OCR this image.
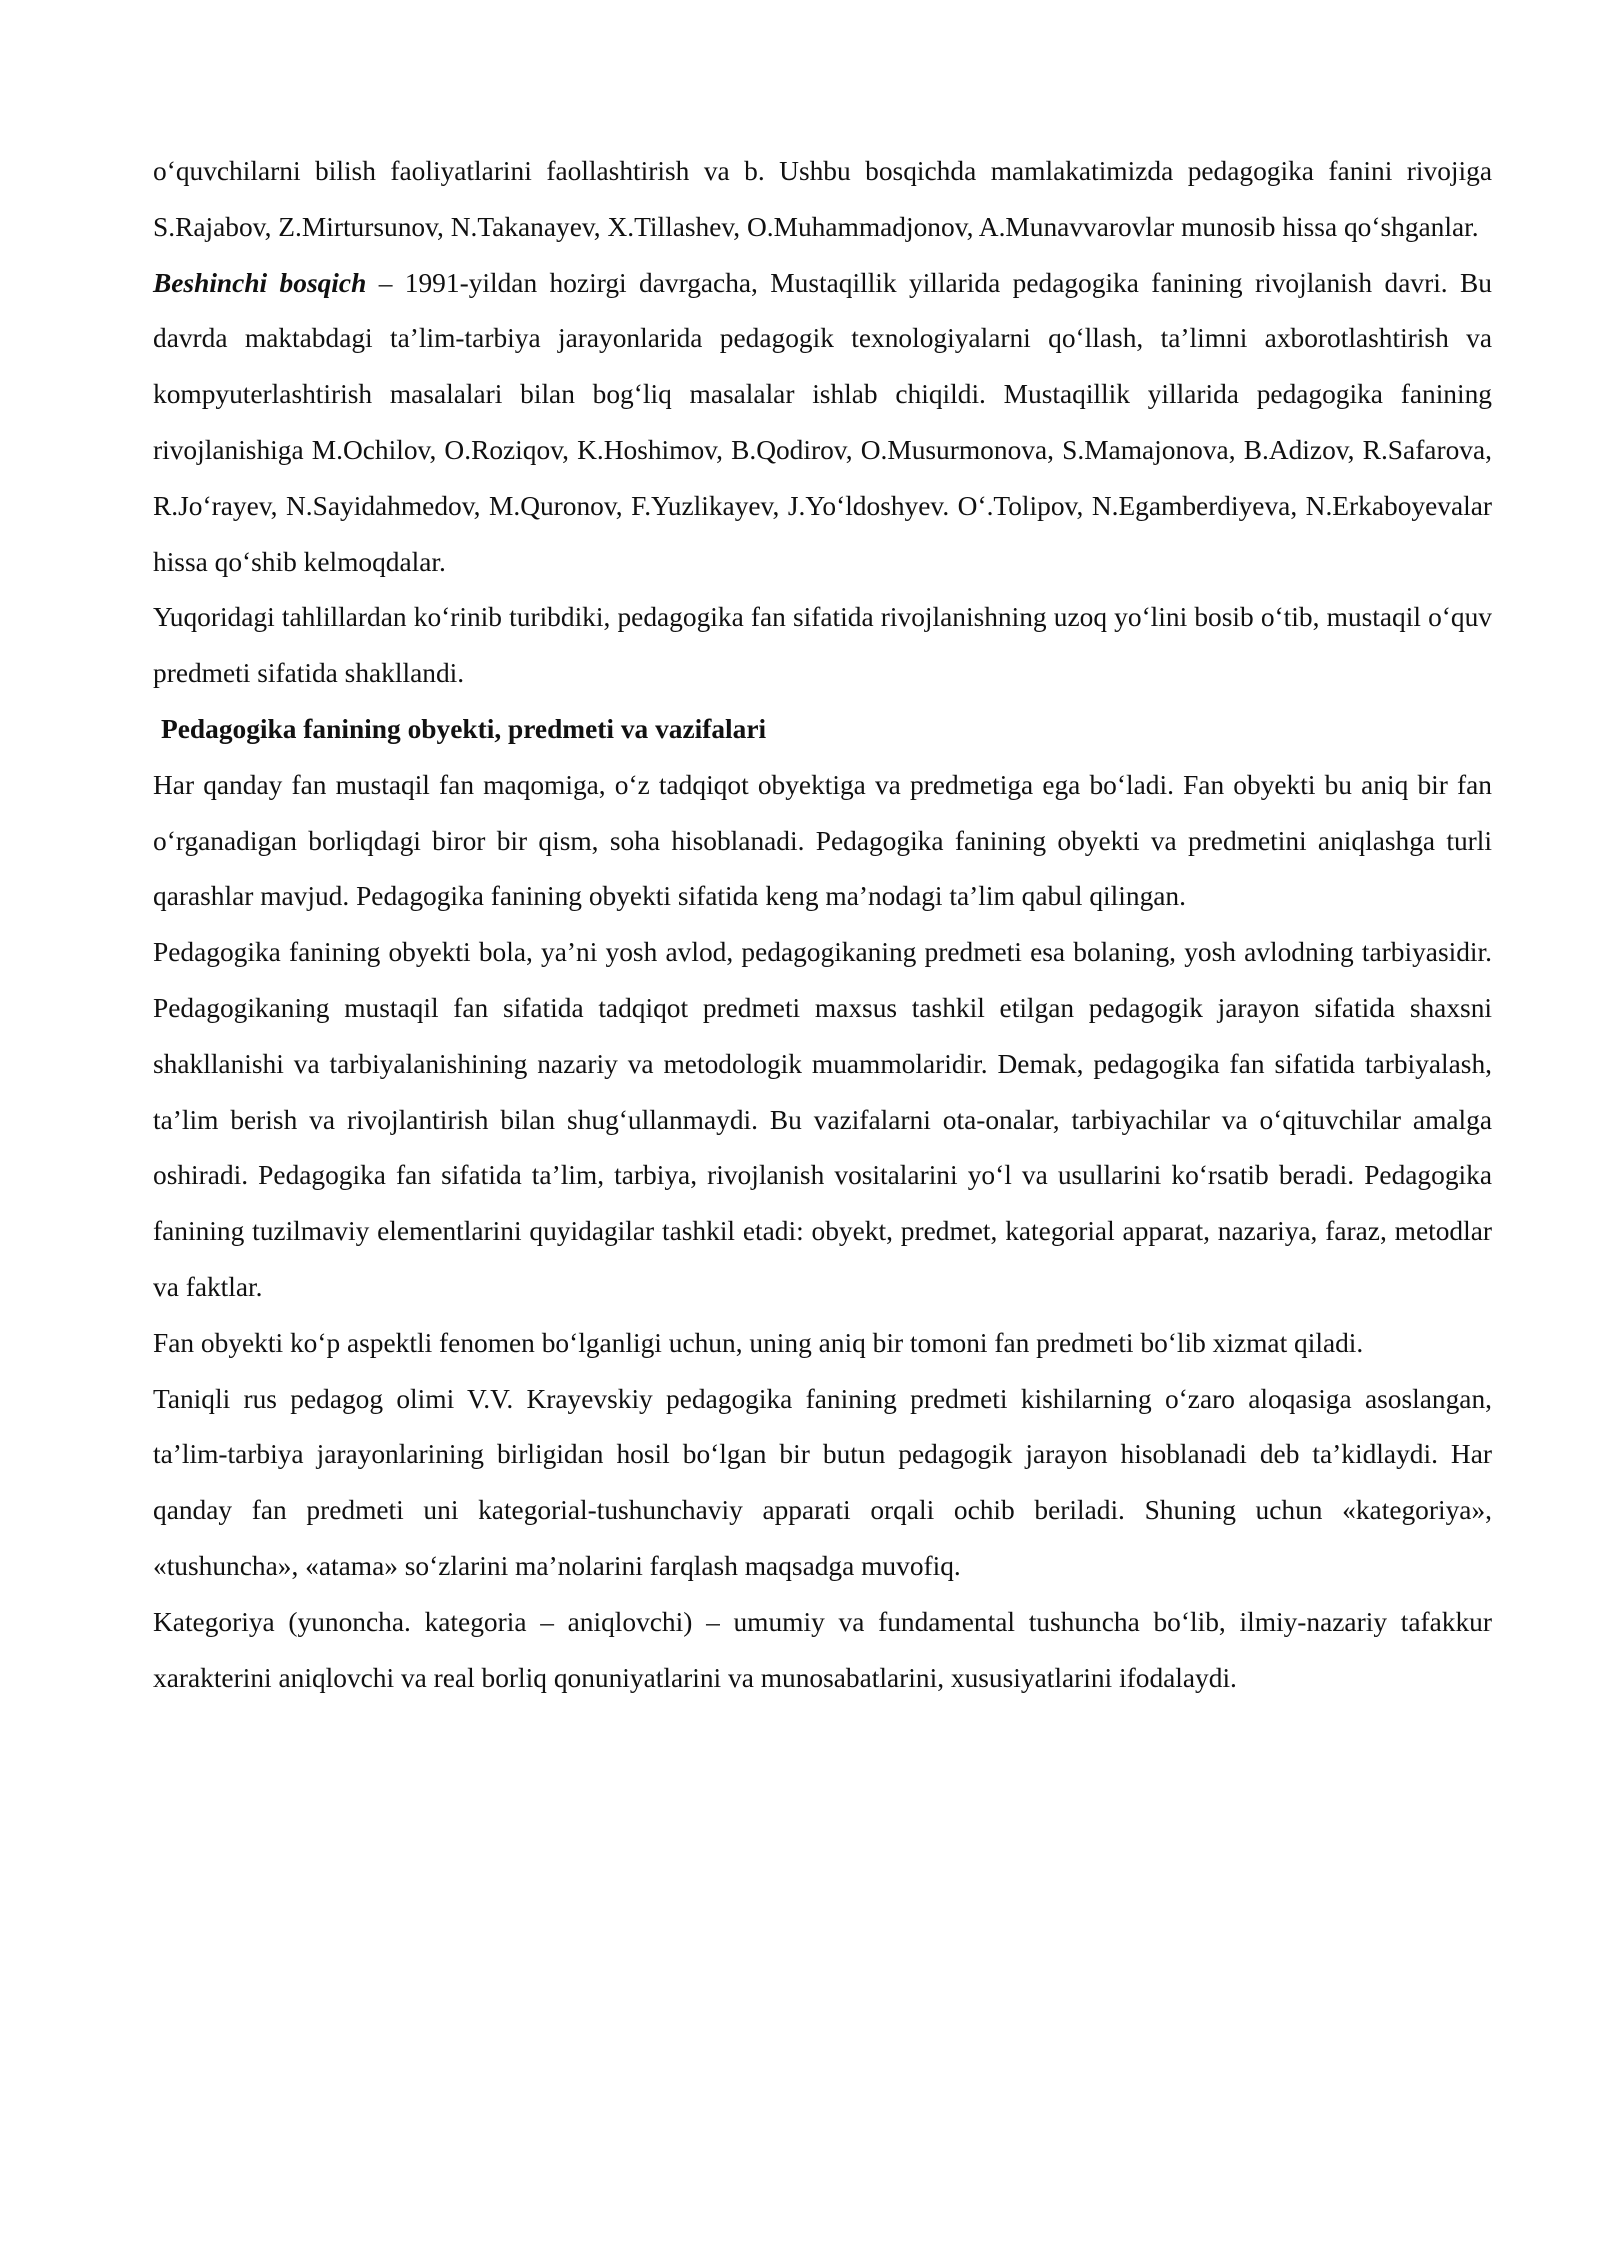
o‘quvchilarni bilish faoliyatlarini faollashtirish va b. Ushbu bosqichda mamlakatimizda pedagogika fanini rivojiga S.Rajabov, Z.Mirtursunov, N.Takanayev, X.Tillashev, O.Muhammadjonov, A.Munavvarovlar munosib hissa qo‘shganlar.

Beshinchi bosqich – 1991-yildan hozirgi davrgacha, Mustaqillik yillarida pedagogika fanining rivojlanish davri. Bu davrda maktabdagi ta’lim-tarbiya jarayonlarida pedagogik texnologiyalarni qo‘llash, ta’limni axborotlashtirish va kompyuterlashtirish masalalari bilan bog‘liq masalalar ishlab chiqildi. Mustaqillik yillarida pedagogika fanining rivojlanishiga M.Ochilov, O.Roziqov, K.Hoshimov, B.Qodirov, O.Musurmonova, S.Mamajonova, B.Adizov, R.Safarova, R.Jo‘rayev, N.Sayidahmedov, M.Quronov, F.Yuzlikayev, J.Yo‘ldoshyev. O‘.Tolipov, N.Egamberdiyeva, N.Erkaboyevalar hissa qo‘shib kelmoqdalar.

Yuqoridagi tahlillardan ko‘rinib turibdiki, pedagogika fan sifatida rivojlanishning uzoq yo‘lini bosib o‘tib, mustaqil o‘quv predmeti sifatida shakllandi.

Pedagogika fanining obyekti, predmeti va vazifalari

Har qanday fan mustaqil fan maqomiga, o‘z tadqiqot obyektiga va predmetiga ega bo‘ladi. Fan obyekti bu aniq bir fan o‘rganadigan borliqdagi biror bir qism, soha hisoblanadi. Pedagogika fanining obyekti va predmetini aniqlashga turli qarashlar mavjud. Pedagogika fanining obyekti sifatida keng ma’nodagi ta’lim qabul qilingan.

Pedagogika fanining obyekti bola, ya’ni yosh avlod, pedagogikaning predmeti esa bolaning, yosh avlodning tarbiyasidir. Pedagogikaning mustaqil fan sifatida tadqiqot predmeti maxsus tashkil etilgan pedagogik jarayon sifatida shaxsni shakllanishi va tarbiyalanishining nazariy va metodologik muammolaridir. Demak, pedagogika fan sifatida tarbiyalash, ta’lim berish va rivojlantirish bilan shug‘ullanmaydi. Bu vazifalarni ota-onalar, tarbiyachilar va o‘qituvchilar amalga oshiradi. Pedagogika fan sifatida ta’lim, tarbiya, rivojlanish vositalarini yo‘l va usullarini ko‘rsatib beradi. Pedagogika fanining tuzilmaviy elementlarini quyidagilar tashkil etadi: obyekt, predmet, kategorial apparat, nazariya, faraz, metodlar va faktlar.

Fan obyekti ko‘p aspektli fenomen bo‘lganligi uchun, uning aniq bir tomoni fan predmeti bo‘lib xizmat qiladi.

Taniqli rus pedagog olimi V.V. Krayevskiy pedagogika fanining predmeti kishilarning o‘zaro aloqasiga asoslangan, ta’lim-tarbiya jarayonlarining birligidan hosil bo‘lgan bir butun pedagogik jarayon hisoblanadi deb ta’kidlaydi. Har qanday fan predmeti uni kategorial-tushunchaviy apparati orqali ochib beriladi. Shuning uchun «kategoriya», «tushuncha», «atama» so‘zlarini ma’nolarini farqlash maqsadga muvofiq.

Kategoriya (yunoncha. kategoria – aniqlovchi) – umumiy va fundamental tushuncha bo‘lib, ilmiy-nazariy tafakkur xarakterini aniqlovchi va real borliq qonuniyatlarini va munosabatlarini, xususiyatlarini ifodalaydi.
